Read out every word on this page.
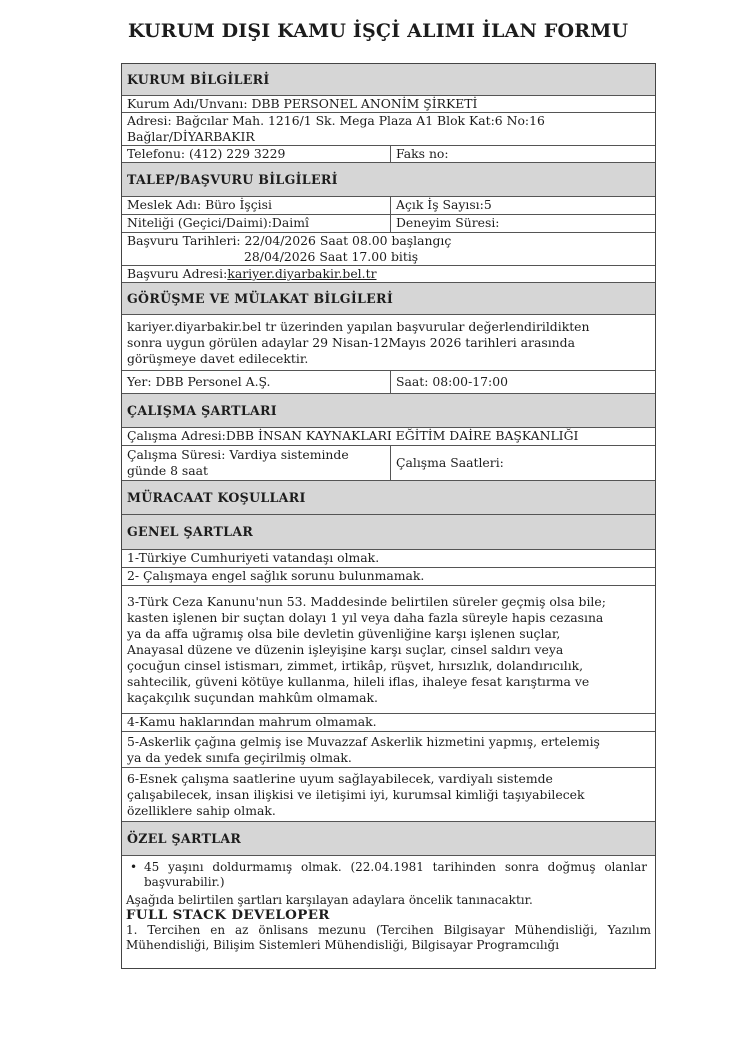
KURUM DIŞI KAMU İŞÇİ ALIMI İLAN FORMU
KURUM BİLGİLERİ
Kurum Adı/Unvanı: DBB PERSONEL ANONİM ŞİRKETİ
Adresi: Bağcılar Mah. 1216/1 Sk. Mega Plaza A1 Blok Kat:6 No:16
Bağlar/DİYARBAKIR
Telefonu: (412) 229 3229	Faks no:
TALEP/BAŞVURU BİLGİLERİ
Meslek Adı: Büro İşçisi	Açık İş Sayısı:5
Niteliği (Geçici/Daimi):Daimî	Deneyim Süresi:
Başvuru Tarihleri: 22/04/2026 Saat 08.00 başlangıç
28/04/2026 Saat 17.00 bitiş
Başvuru Adresi: kariyer.diyarbakir.bel.tr
GÖRÜŞME VE MÜLAKAT BİLGİLERİ
kariyer.diyarbakir.bel tr üzerinden yapılan başvurular değerlendirildikten
sonra uygun görülen adaylar 29 Nisan-12Mayıs 2026 tarihleri arasında
görüşmeye davet edilecektir.
Yer: DBB Personel A.Ş.	Saat: 08:00-17:00
ÇALIŞMA ŞARTLARI
Çalışma Adresi:DBB İNSAN KAYNAKLARI EĞİTİM DAİRE BAŞKANLIĞI
Çalışma Süresi: Vardiya sisteminde
günde 8 saat
Çalışma Saatleri:
MÜRACAAT KOŞULLARI
GENEL ŞARTLAR
1-Türkiye Cumhuriyeti vatandaşı olmak.
2- Çalışmaya engel sağlık sorunu bulunmamak.
3-Türk Ceza Kanunu'nun 53. Maddesinde belirtilen süreler geçmiş olsa bile;
kasten işlenen bir suçtan dolayı 1 yıl veya daha fazla süreyle hapis cezasına
ya da affa uğramış olsa bile devletin güvenliğine karşı işlenen suçlar,
Anayasal düzene ve düzenin işleyişine karşı suçlar, cinsel saldırı veya
çocuğun cinsel istismarı, zimmet, irtikâp, rüşvet, hırsızlık, dolandırıcılık,
sahtecilik, güveni kötüye kullanma, hileli iflas, ihaleye fesat karıştırma ve
kaçakçılık suçundan mahkûm olmamak.
4-Kamu haklarından mahrum olmamak.
5-Askerlik çağına gelmiş ise Muvazzaf Askerlik hizmetini yapmış, ertelemiş
ya da yedek sınıfa geçirilmiş olmak.
6-Esnek çalışma saatlerine uyum sağlayabilecek, vardiyalı sistemde
çalışabilecek, insan ilişkisi ve iletişimi iyi, kurumsal kimliği taşıyabilecek
özelliklere sahip olmak.
ÖZEL ŞARTLAR
• 45 yaşını doldurmamış olmak. (22.04.1981 tarihinden sonra doğmuş olanlar başvurabilir.)
Aşağıda belirtilen şartları karşılayan adaylara öncelik tanınacaktır.
FULL STACK DEVELOPER
1. Tercihen en az önlisans mezunu (Tercihen Bilgisayar Mühendisliği, Yazılım Mühendisliği, Bilişim Sistemleri Mühendisliği, Bilgisayar Programcılığı
